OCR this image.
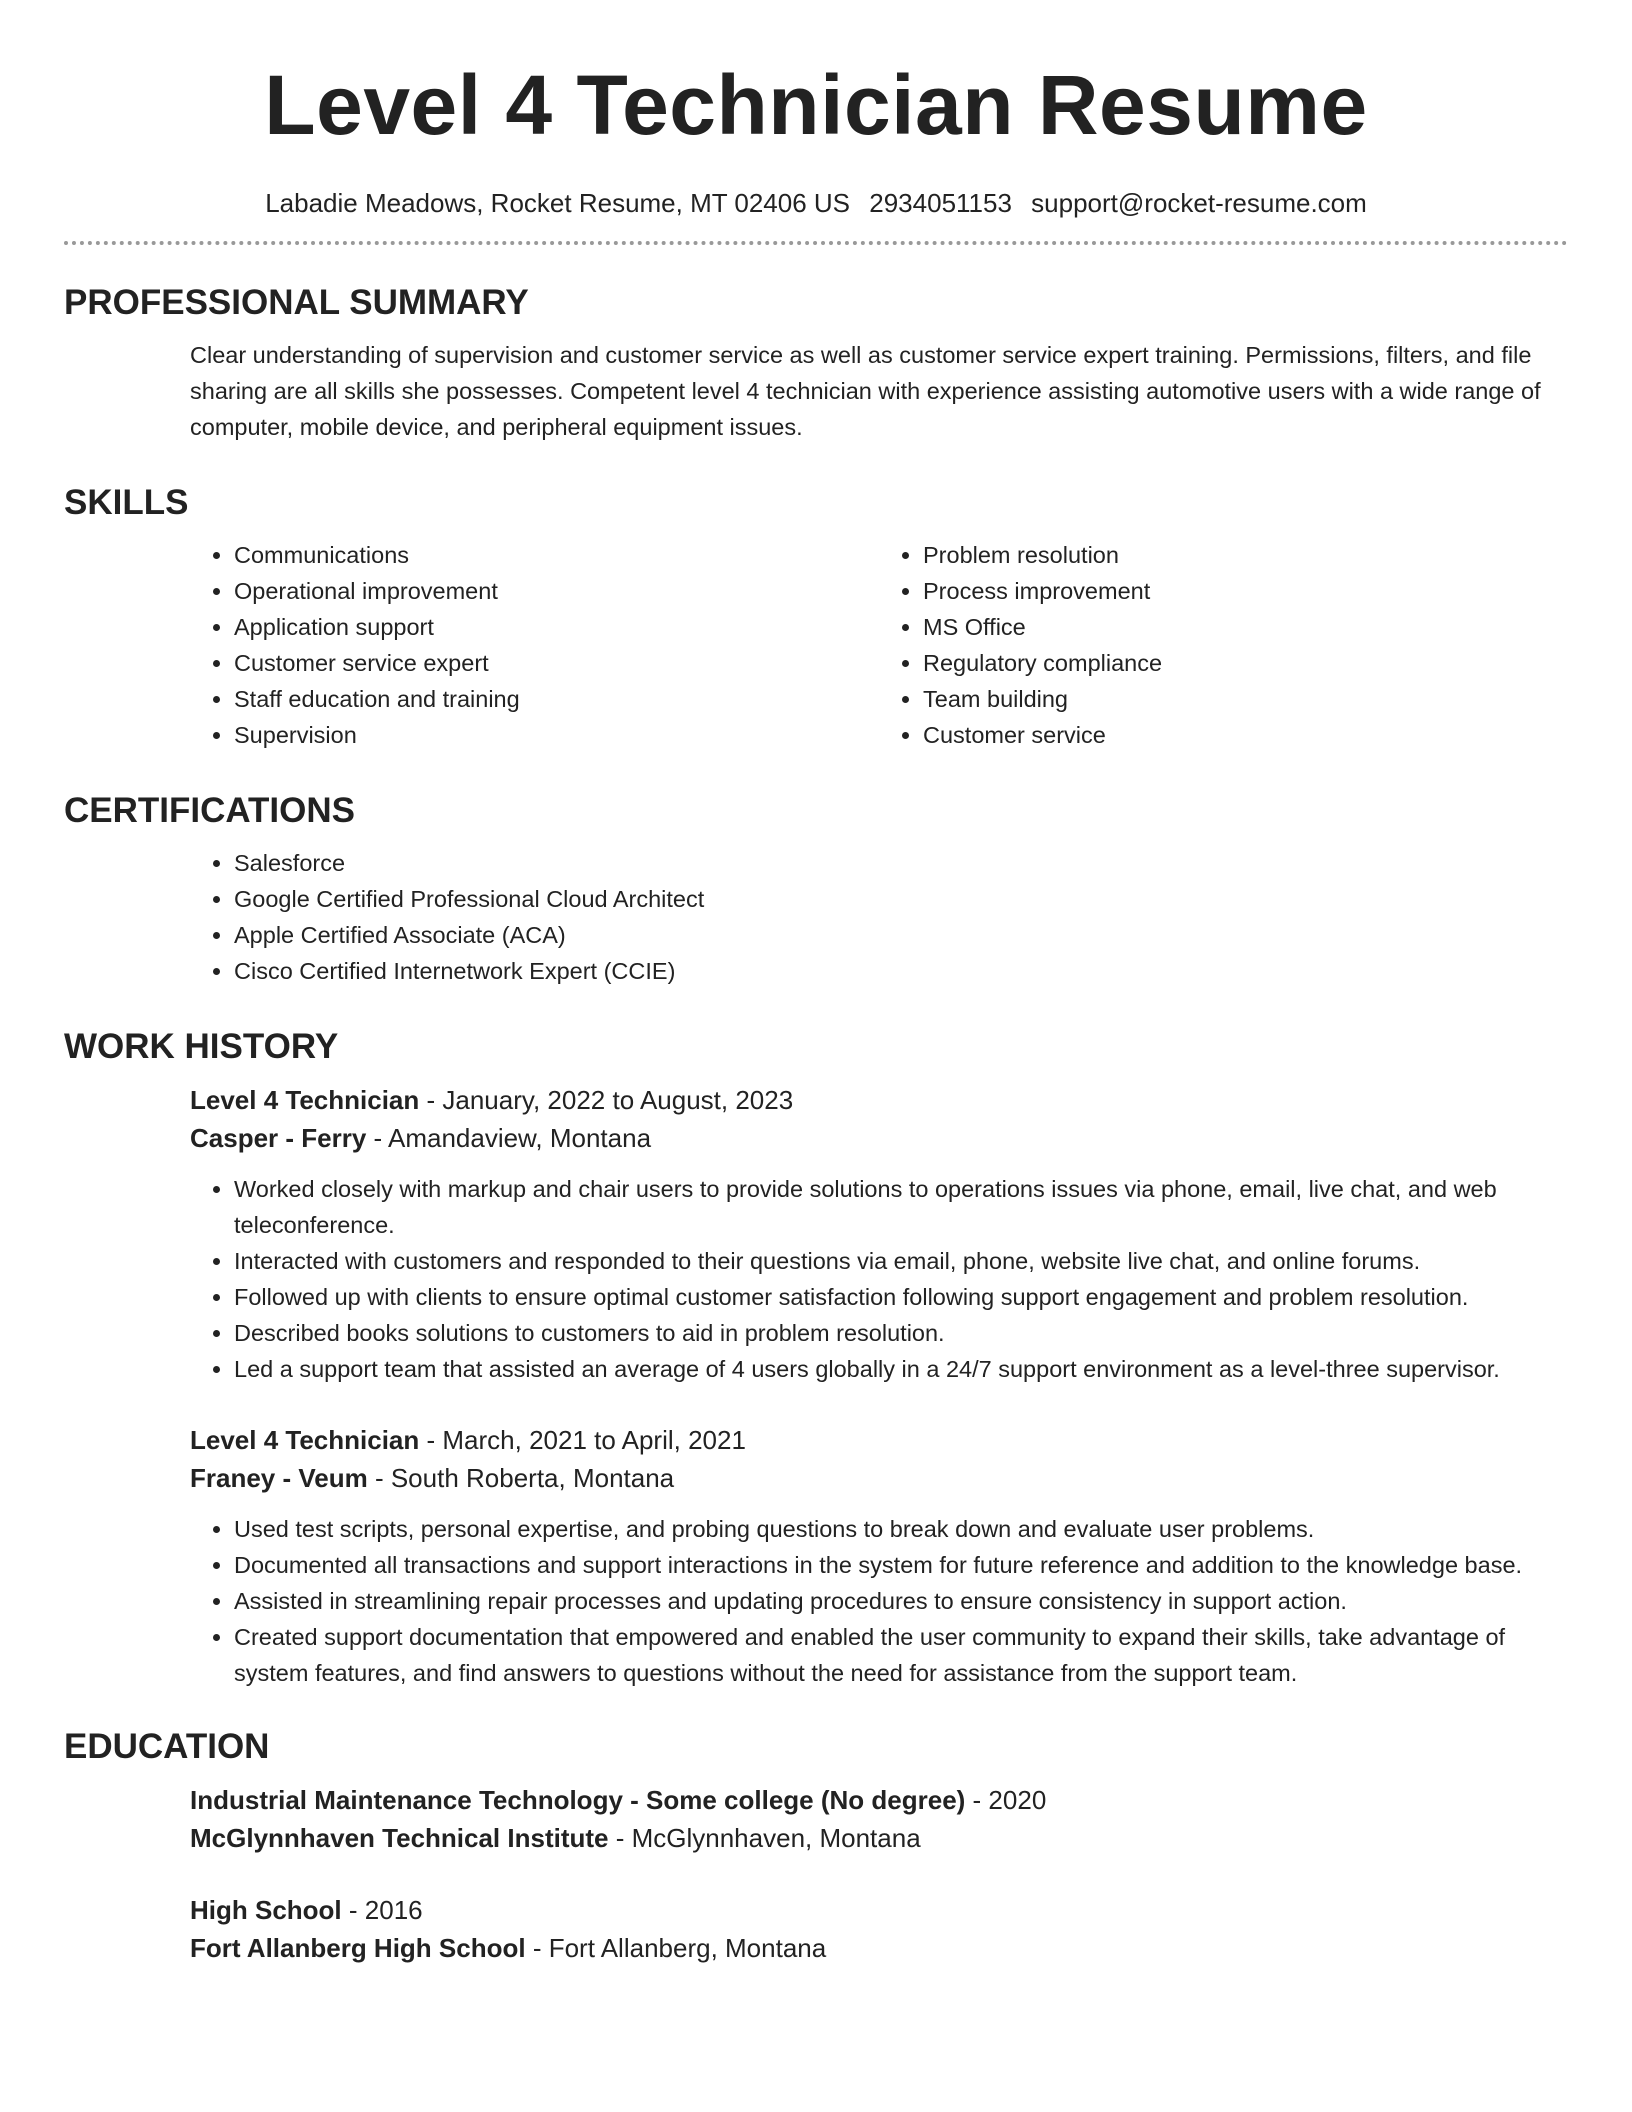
Level 4 Technician Resume
Labadie Meadows, Rocket Resume, MT 02406 US 2934051153 support@rocket-resume.com
PROFESSIONAL SUMMARY

Clear understanding of supervision and customer service as well as customer service expert training. Permissions, filters, and file sharing are all skills she possesses. Competent level 4 technician with experience assisting automotive users with a wide range of computer, mobile device, and peripheral equipment issues.

SKILLS
• Communications
• Operational improvement
• Application support
• Customer service expert
• Staff education and training
• Supervision
• Problem resolution
• Process improvement
• MS Office
• Regulatory compliance
• Team building
• Customer service
CERTIFICATIONS
• Salesforce
• Google Certified Professional Cloud Architect
• Apple Certified Associate (ACA)
• Cisco Certified Internetwork Expert (CCIE)
WORK HISTORY
Level 4 Technician - January, 2022 to August, 2023
Casper - Ferry - Amandaview, Montana
• Worked closely with markup and chair users to provide solutions to operations issues via phone, email, live chat, and web teleconference.
• Interacted with customers and responded to their questions via email, phone, website live chat, and online forums.
• Followed up with clients to ensure optimal customer satisfaction following support engagement and problem resolution.
• Described books solutions to customers to aid in problem resolution.
• Led a support team that assisted an average of 4 users globally in a 24/7 support environment as a level-three supervisor.
Level 4 Technician - March, 2021 to April, 2021
Franey - Veum - South Roberta, Montana
• Used test scripts, personal expertise, and probing questions to break down and evaluate user problems.
• Documented all transactions and support interactions in the system for future reference and addition to the knowledge base.
• Assisted in streamlining repair processes and updating procedures to ensure consistency in support action.
• Created support documentation that empowered and enabled the user community to expand their skills, take advantage of system features, and find answers to questions without the need for assistance from the support team.
EDUCATION
Industrial Maintenance Technology - Some college (No degree) - 2020
McGlynnhaven Technical Institute - McGlynnhaven, Montana
High School - 2016
Fort Allanberg High School - Fort Allanberg, Montana
